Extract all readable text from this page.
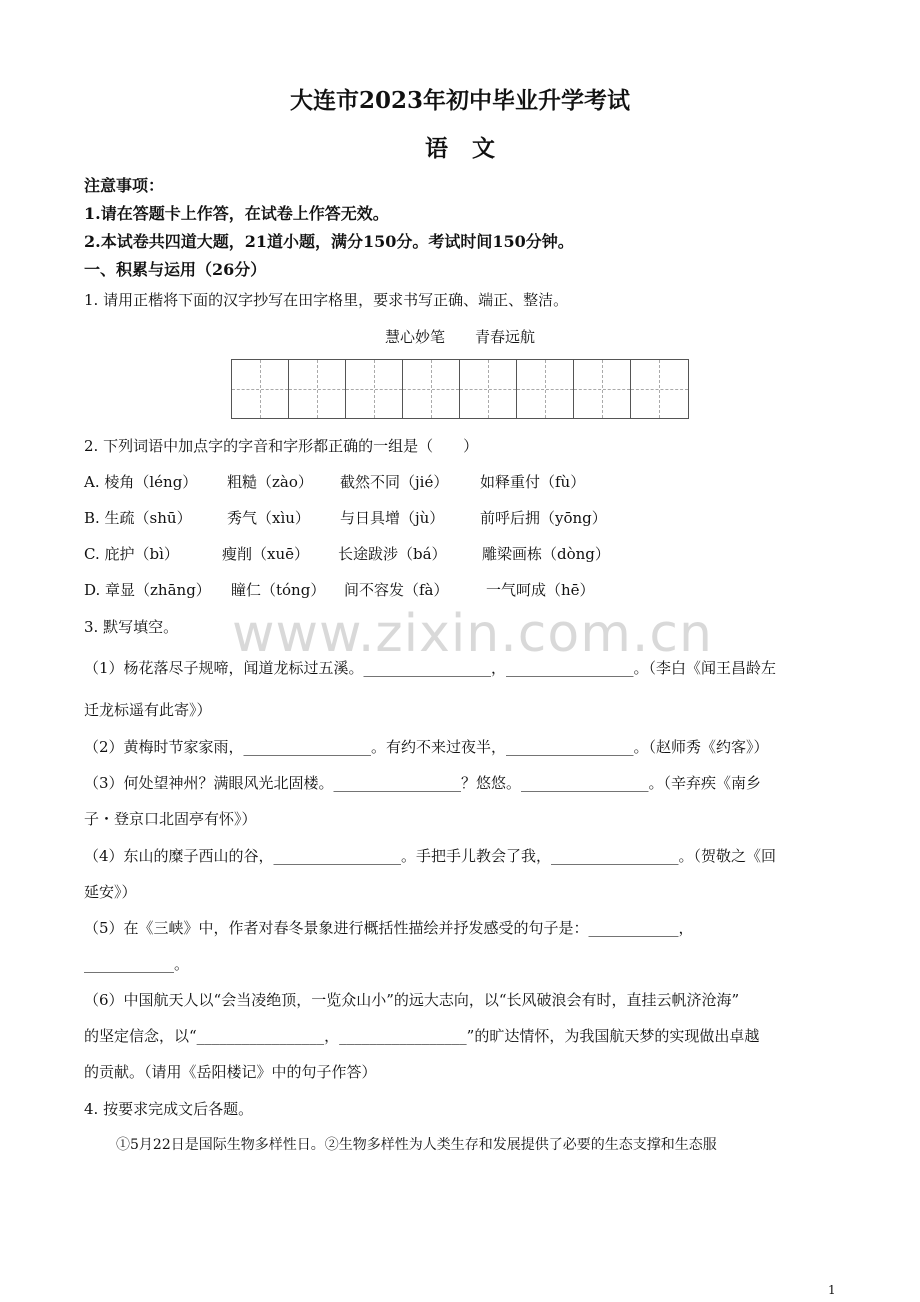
大连市2023年初中毕业升学考试
语文
注意事项：
1.请在答题卡上作答，在试卷上作答无效。
2.本试卷共四道大题，21道小题，满分150分。考试时间150分钟。
一、积累与运用（26分）
1. 请用正楷将下面的汉字抄写在田字格里，要求书写正确、端正、整洁。
慧心妙笔　　青春远航
2. 下列词语中加点字的字音和字形都正确的一组是（　　）
A. 棱角（léng） 粗糙（zào） 截然不同（jié） 如释重付（fù）
B. 生疏（shū） 秀气（xìu） 与日具增（jù） 前呼后拥（yōng）
C. 庇护（bì）	瘦削（xuē） 长途跋涉（bá） 雕梁画栋（dòng）
D. 章显（zhāng） 瞳仁（tóng） 间不容发（fà）	一气呵成（hē）
www.zixin.com.cn
3. 默写填空。
（1）杨花落尽子规啼，闻道龙标过五溪。_________________，_________________。（李白《闻王昌龄左
迁龙标遥有此寄》）
（2）黄梅时节家家雨，_________________。有约不来过夜半，_________________。（赵师秀《约客》）
（3）何处望神州？满眼风光北固楼。_________________？悠悠。_________________。（辛弃疾《南乡
子・登京口北固亭有怀》）
（4）东山的糜子西山的谷，_________________。手把手儿教会了我，_________________。（贺敬之《回
延安》）
（5）在《三峡》中，作者对春冬景象进行概括性描绘并抒发感受的句子是：____________，
____________。
（6）中国航天人以“会当凌绝顶，一览众山小”的远大志向，以“长风破浪会有时，直挂云帆济沧海”
的坚定信念，以“_________________，_________________”的旷达情怀，为我国航天梦的实现做出卓越
的贡献。（请用《岳阳楼记》中的句子作答）
4. 按要求完成文后各题。
①5月22日是国际生物多样性日。②生物多样性为人类生存和发展提供了必要的生态支撑和生态服
1
